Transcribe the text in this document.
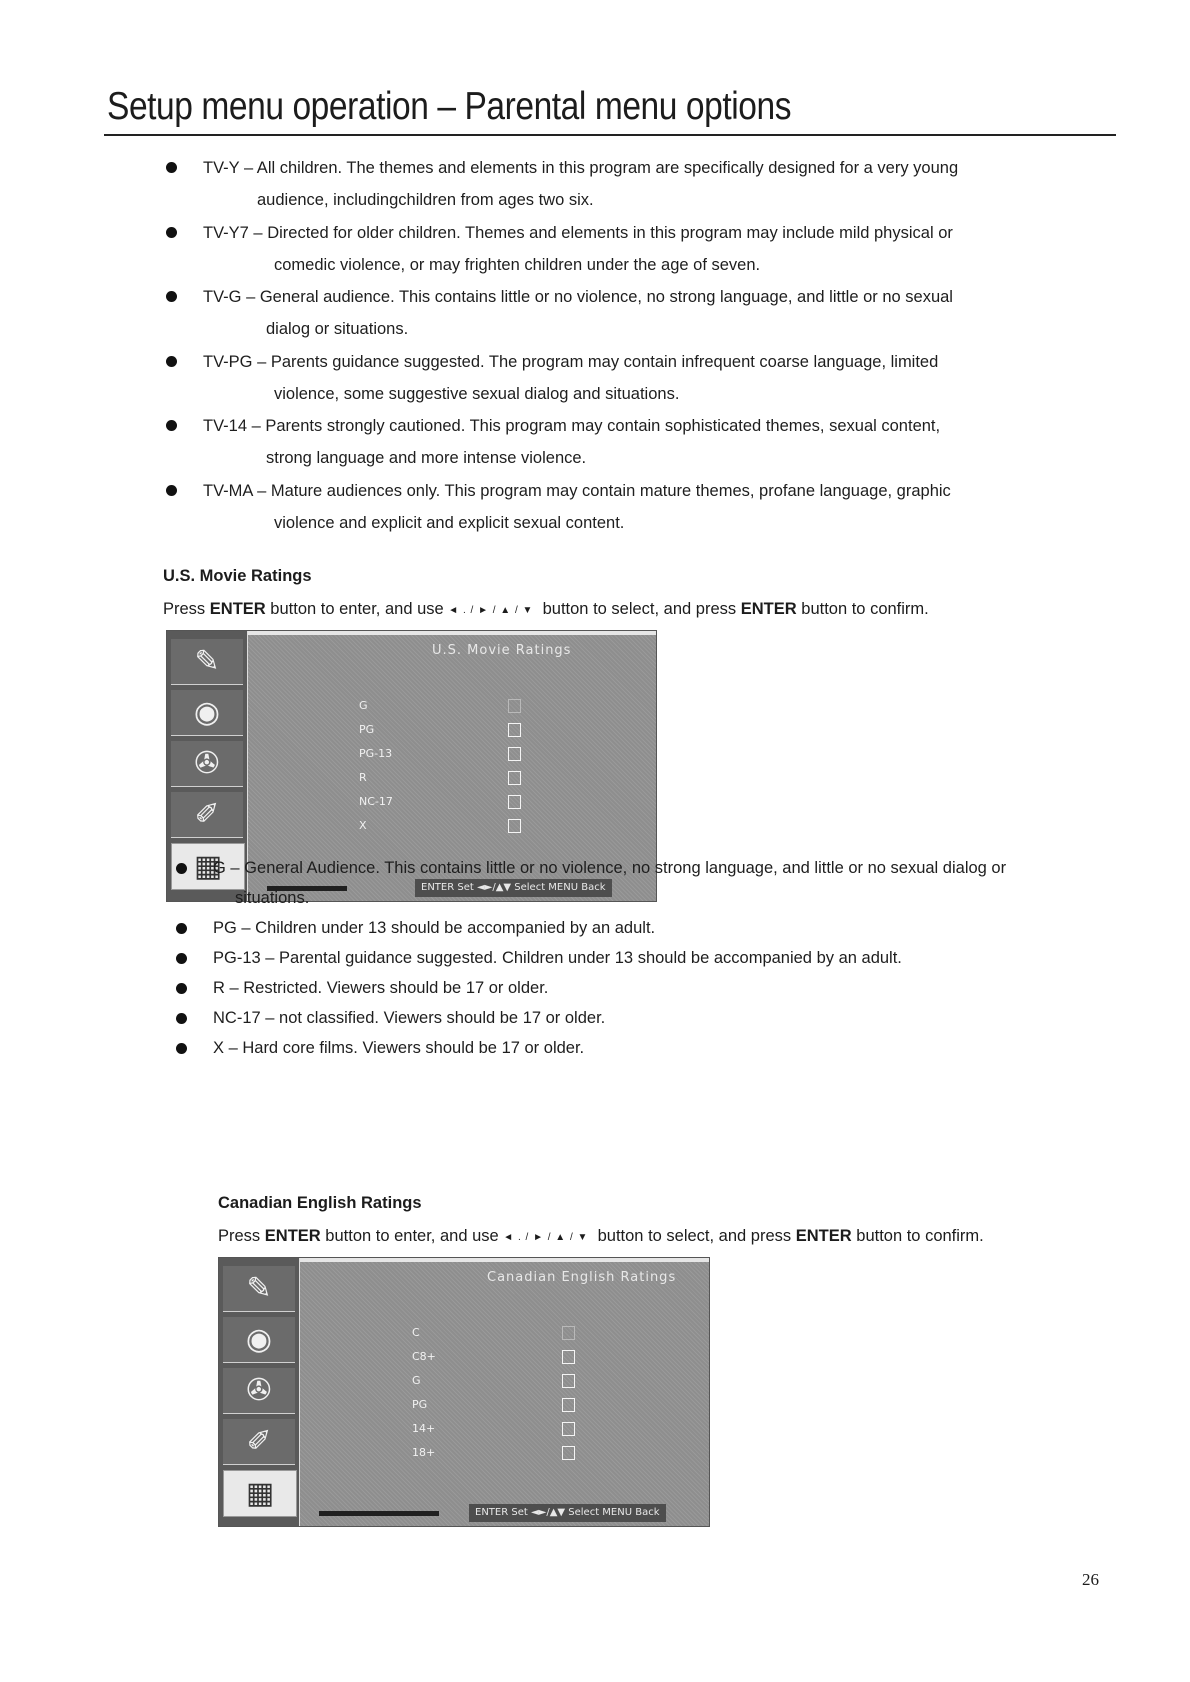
Setup menu operation – Parental menu options
TV-Y – All children. The themes and elements in this program are specifically designed for a very young
audience, includingchildren from ages two six.
TV-Y7 – Directed for older children. Themes and elements in this program may include mild physical or
comedic violence, or may frighten children under the age of seven.
TV-G – General audience. This contains little or no violence, no strong language, and little or no sexual
dialog or situations.
TV-PG – Parents guidance suggested. The program may contain infrequent coarse language, limited
violence, some suggestive sexual dialog and situations.
TV-14 – Parents strongly cautioned. This program may contain sophisticated themes, sexual content,
strong language and more intense violence.
TV-MA – Mature audiences only. This program may contain mature themes, profane language, graphic
violence and explicit and explicit sexual content.
U.S. Movie Ratings
Press ENTER button to enter, and use ◄ . / ► / ▲ / ▼ button to select, and press ENTER button to confirm.
✎
◉
✇
✐
▦
U.S. Movie Ratings
G
PG
PG-13
R
NC-17
X
ENTER Set ◄►/▲▼ Select MENU Back
G – General Audience. This contains little or no violence, no strong language, and little or no sexual dialog or
situations.
PG – Children under 13 should be accompanied by an adult.
PG-13 – Parental guidance suggested. Children under 13 should be accompanied by an adult.
R – Restricted. Viewers should be 17 or older.
NC-17 – not classified. Viewers should be 17 or older.
X – Hard core films. Viewers should be 17 or older.
Canadian English Ratings
Press ENTER button to enter, and use ◄ . / ► / ▲ / ▼ button to select, and press ENTER button to confirm.
✎
◉
✇
✐
▦
Canadian English Ratings
C
C8+
G
PG
14+
18+
ENTER Set ◄►/▲▼ Select MENU Back
26
